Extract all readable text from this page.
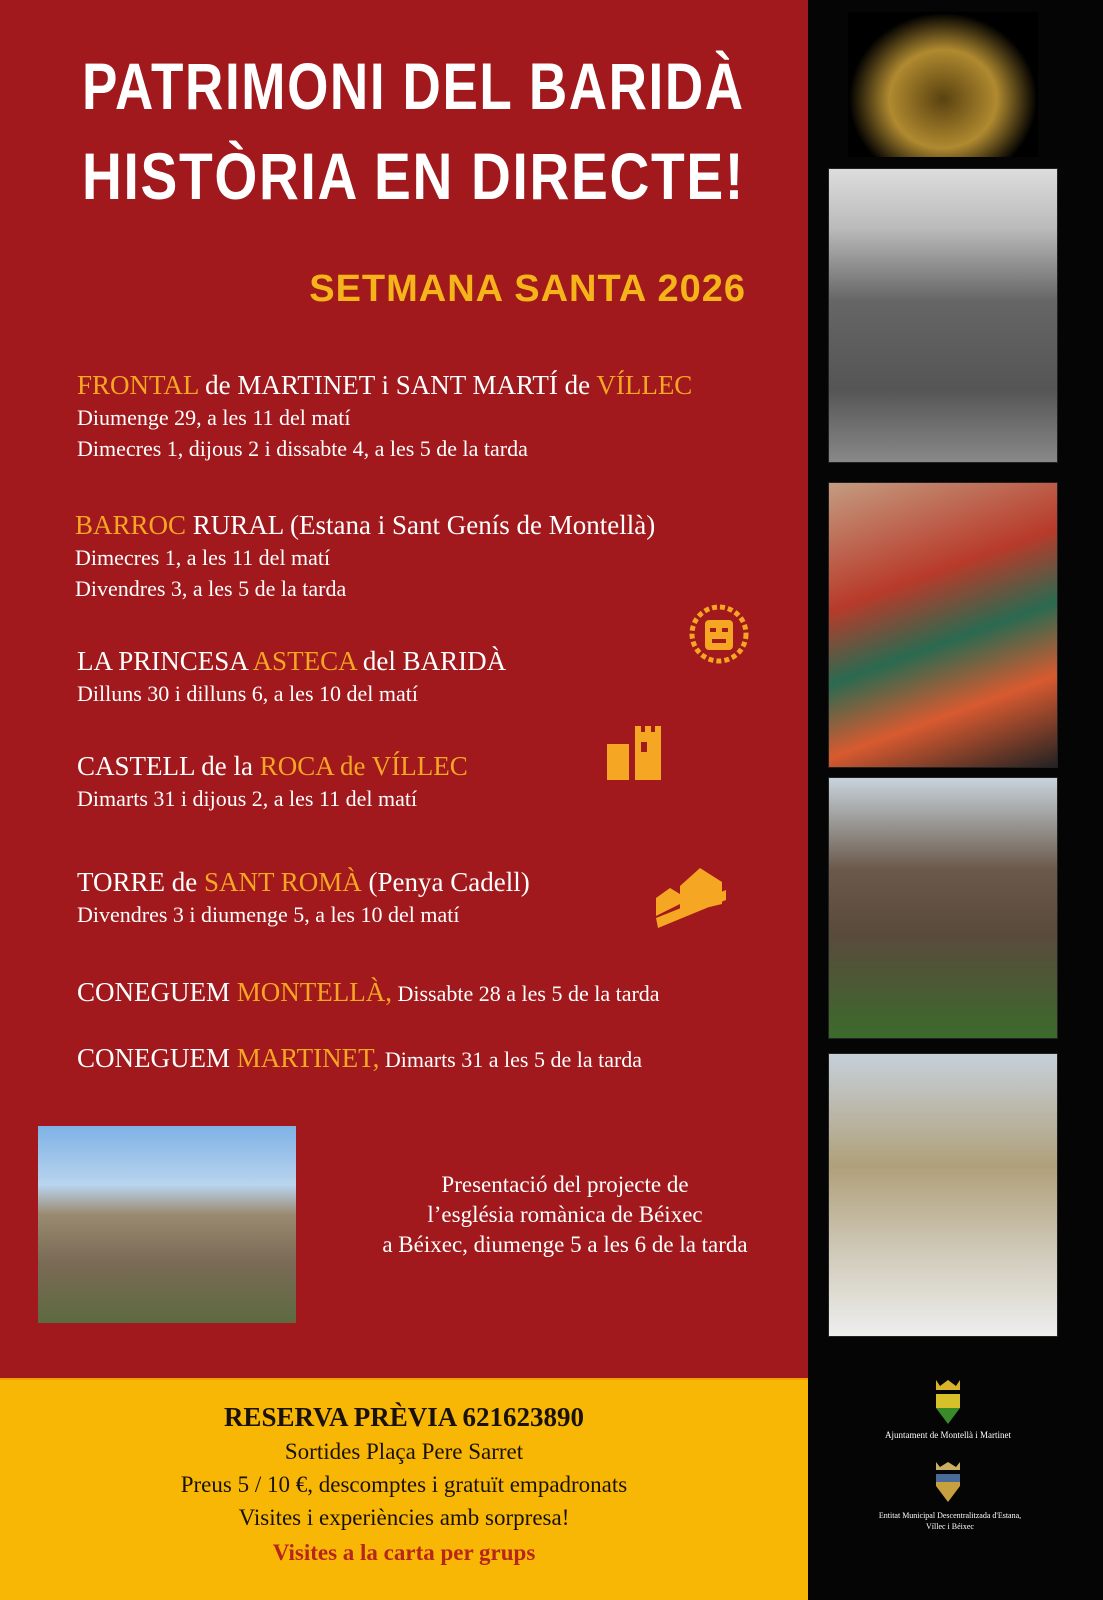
PATRIMONI DEL BARIDÀ
HISTÒRIA EN DIRECTE!
SETMANA SANTA 2026
FRONTAL de MARTINET i SANT MARTÍ de VÍLLEC
Diumenge 29, a les 11 del matí
Dimecres 1, dijous 2 i dissabte 4, a les 5 de la tarda
BARROC RURAL (Estana i Sant Genís de Montellà)
Dimecres 1, a les 11 del matí
Divendres 3, a les 5 de la tarda
LA PRINCESA ASTECA del BARIDÀ
Dilluns 30 i dilluns 6, a les 10 del matí
CASTELL de la ROCA de VÍLLEC
Dimarts 31 i dijous 2, a les 11 del matí
TORRE de SANT ROMÀ (Penya Cadell)
Divendres 3 i diumenge 5, a les 10 del matí
CONEGUEM MONTELLÀ, Dissabte 28 a les 5 de la tarda
CONEGUEM MARTINET, Dimarts 31 a les 5 de la tarda
Presentació del projecte de
l’església romànica de Béixec
a Béixec, diumenge 5 a les 6 de la tarda
RESERVA PRÈVIA 621623890
Sortides Plaça Pere Sarret
Preus 5 / 10 €, descomptes i gratuït empadronats
Visites i experiències amb sorpresa!
Visites a la carta per grups
Ajuntament de Montellà i Martinet
Entitat Municipal Descentralitzada d'Estana, Víllec i Béixec
